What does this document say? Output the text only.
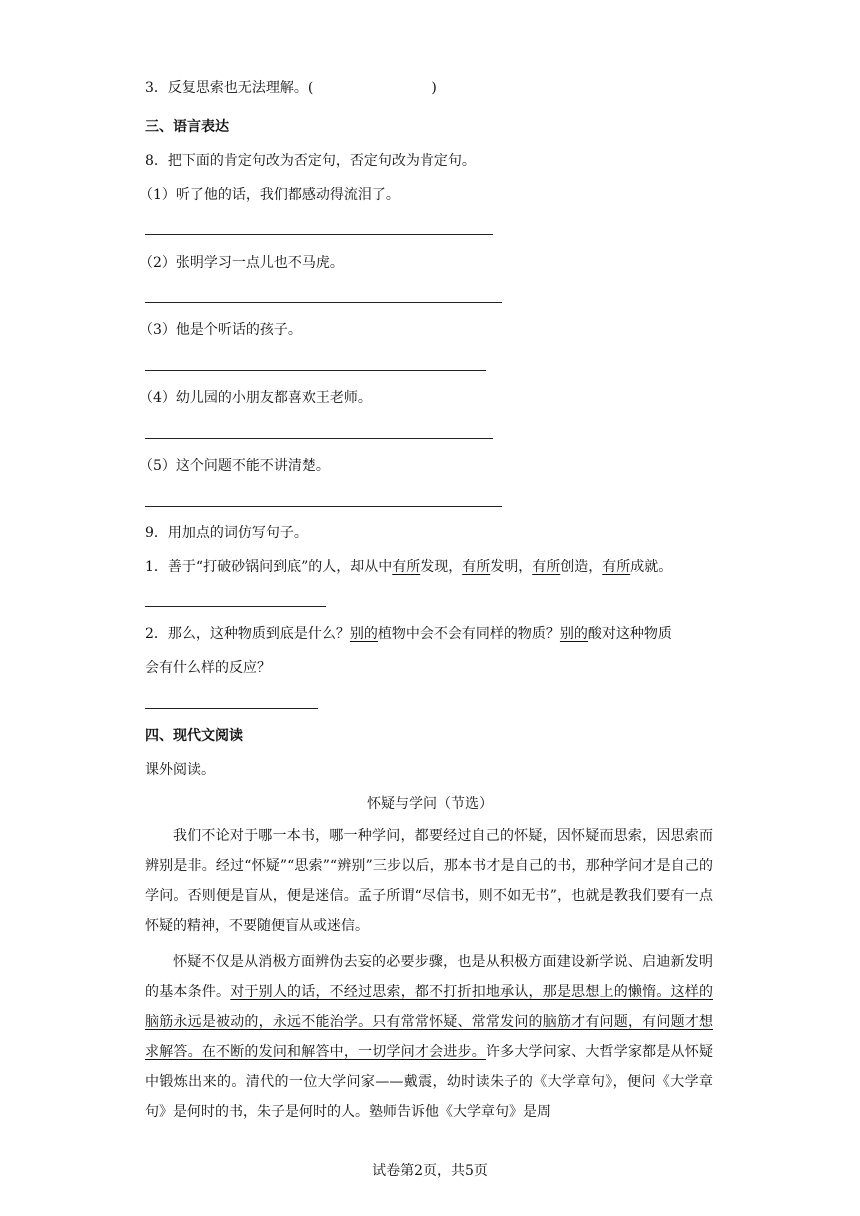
3．反复思索也无法理解。(	)
三、语言表达
8．把下面的肯定句改为否定句，否定句改为肯定句。
（1）听了他的话，我们都感动得流泪了。
（2）张明学习一点儿也不马虎。
（3）他是个听话的孩子。
（4）幼儿园的小朋友都喜欢王老师。
（5）这个问题不能不讲清楚。
9．用加点的词仿写句子。
1．善于“打破砂锅问到底”的人，却从中有所发现，有所发明，有所创造，有所成就。
2．那么，这种物质到底是什么？别的植物中会不会有同样的物质？别的酸对这种物质
会有什么样的反应？
四、现代文阅读
课外阅读。
怀疑与学问（节选）

我们不论对于哪一本书，哪一种学问，都要经过自己的怀疑，因怀疑而思索，因思索而辨别是非。经过“怀疑”“思索”“辨别”三步以后，那本书才是自己的书，那种学问才是自己的学问。否则便是盲从，便是迷信。孟子所谓“尽信书，则不如无书”，也就是教我们要有一点怀疑的精神，不要随便盲从或迷信。

怀疑不仅是从消极方面辨伪去妄的必要步骤，也是从积极方面建设新学说、启迪新发明的基本条件。对于别人的话，不经过思索，都不打折扣地承认，那是思想上的懒惰。这样的脑筋永远是被动的，永远不能治学。只有常常怀疑、常常发问的脑筋才有问题，有问题才想求解答。在不断的发问和解答中，一切学问才会进步。许多大学问家、大哲学家都是从怀疑中锻炼出来的。清代的一位大学问家——戴震，幼时读朱子的《大学章句》，便问《大学章句》是何时的书，朱子是何时的人。塾师告诉他《大学章句》是周

试卷第2页，共5页
